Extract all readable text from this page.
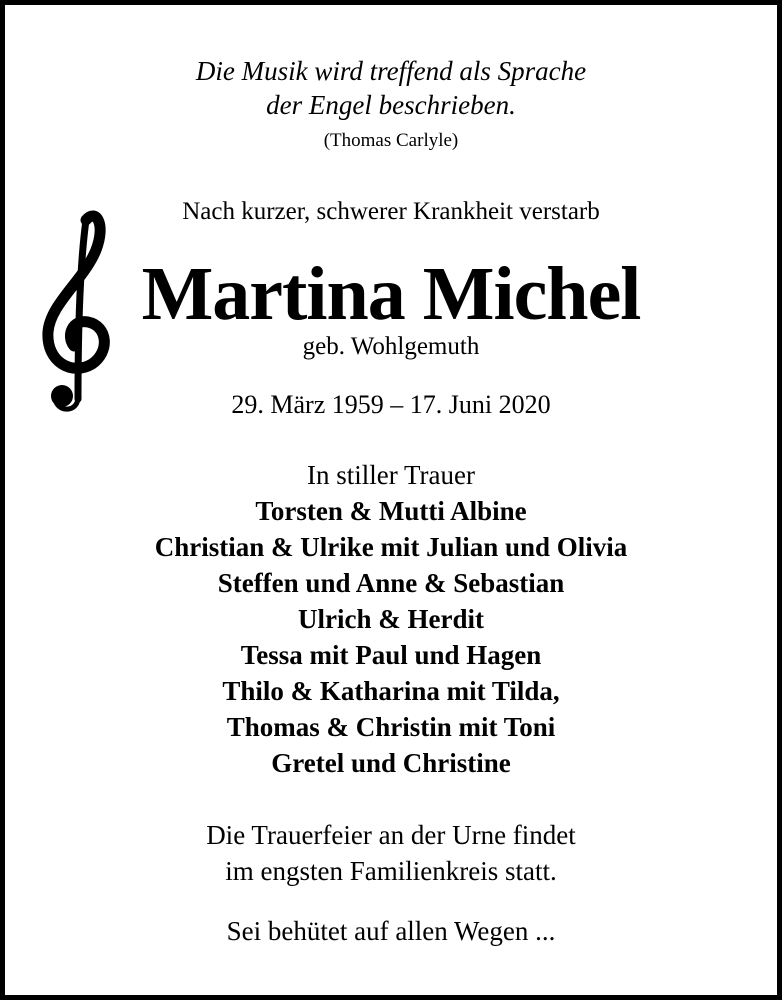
Die Musik wird treffend als Sprache
der Engel beschrieben.
(Thomas Carlyle)
Nach kurzer, schwerer Krankheit verstarb
Martina Michel
geb. Wohlgemuth
29. März 1959 – 17. Juni 2020
In stiller Trauer
Torsten & Mutti Albine
Christian & Ulrike mit Julian und Olivia
Steffen und Anne & Sebastian
Ulrich & Herdit
Tessa mit Paul und Hagen
Thilo & Katharina mit Tilda,
Thomas & Christin mit Toni
Gretel und Christine
Die Trauerfeier an der Urne findet
im engsten Familienkreis statt.
Sei behütet auf allen Wegen ...
